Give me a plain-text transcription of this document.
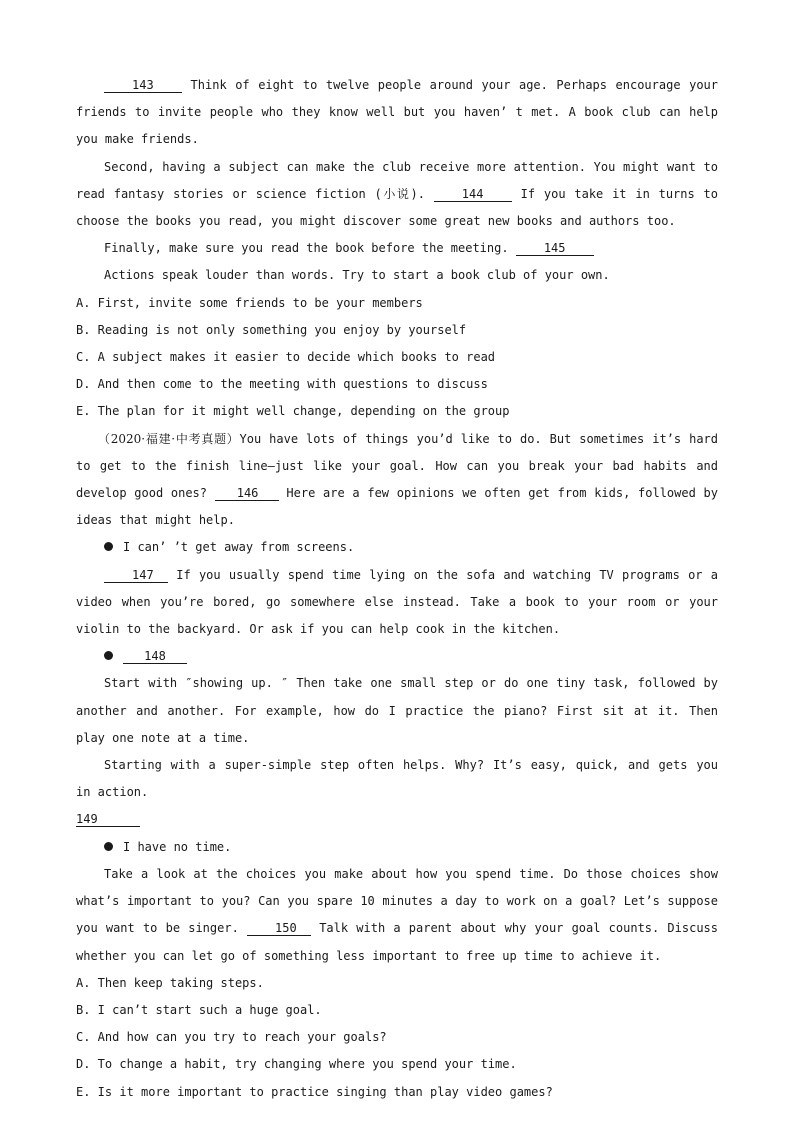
143 Think of eight to twelve people around your age. Perhaps encourage your friends to invite people who they know well but you haven’ t met. A book club can help you make friends.

Second, having a subject can make the club receive more attention. You might want to read fantasy stories or science fiction (小说). 144 If you take it in turns to choose the books you read, you might discover some great new books and authors too.

Finally, make sure you read the book before the meeting. 145

Actions speak louder than words. Try to start a book club of your own.

A. First, invite some friends to be your members

B. Reading is not only something you enjoy by yourself

C. A subject makes it easier to decide which books to read

D. And then come to the meeting with questions to discuss

E. The plan for it might well change, depending on the group

（2020·福建·中考真题）You have lots of things you’d like to do. But sometimes it’s hard to get to the finish line—just like your goal. How can you break your bad habits and develop good ones? 146 Here are a few opinions we often get from kids, followed by ideas that might help.

I can’ ’t get away from screens.

147 If you usually spend time lying on the sofa and watching TV programs or a video when you’re bored, go somewhere else instead. Take a book to your room or your violin to the backyard. Or ask if you can help cook in the kitchen.

148

Start with ″showing up. ″ Then take one small step or do one tiny task, followed by another and another. For example, how do I practice the piano? First sit at it. Then play one note at a time.

Starting with a super-simple step often helps. Why? It’s easy, quick, and gets you in action.

149

I have no time.

Take a look at the choices you make about how you spend time. Do those choices show what’s important to you? Can you spare 10 minutes a day to work on a goal? Let’s suppose you want to be singer. 150 Talk with a parent about why your goal counts. Discuss whether you can let go of something less important to free up time to achieve it.

A. Then keep taking steps.

B. I can’t start such a huge goal.

C. And how can you try to reach your goals?

D. To change a habit, try changing where you spend your time.

E. Is it more important to practice singing than play video games?
